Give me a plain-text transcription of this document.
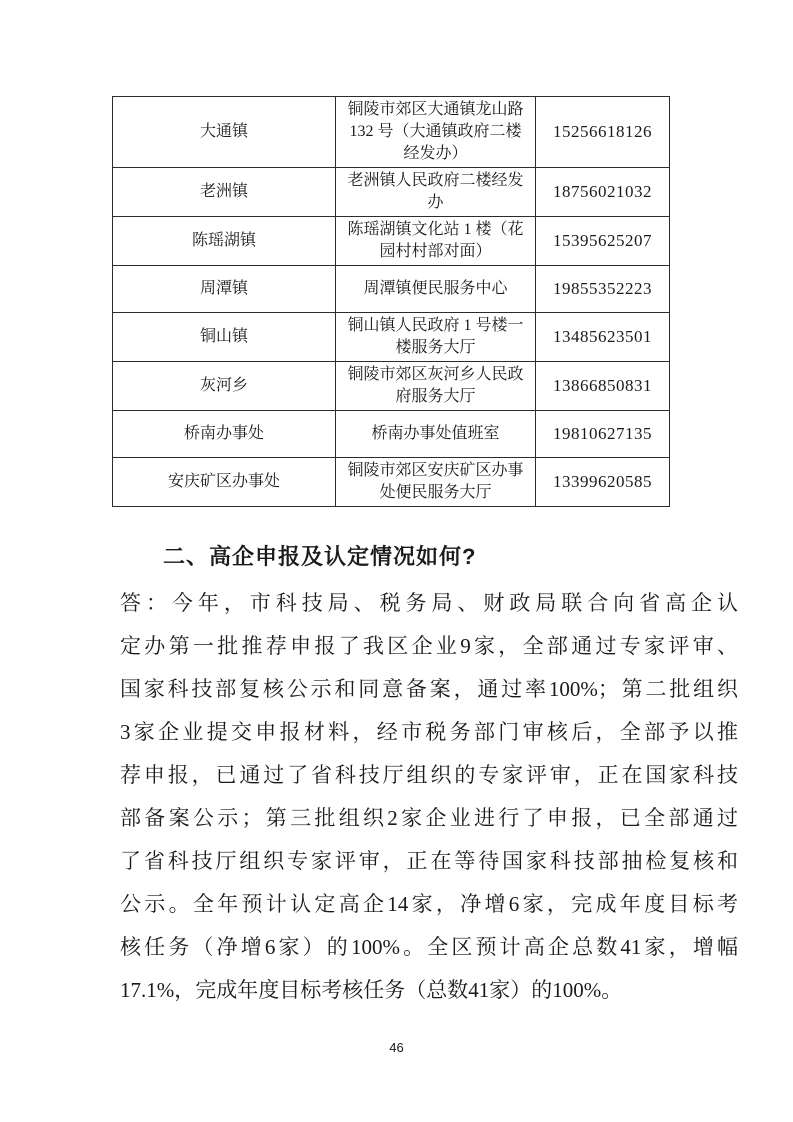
大通镇	铜陵市郊区大通镇龙山路132 号（大通镇政府二楼经发办）	15256618126
老洲镇	老洲镇人民政府二楼经发办	18756021032
陈瑶湖镇	陈瑶湖镇文化站 1 楼（花园村村部对面）	15395625207
周潭镇	周潭镇便民服务中心	19855352223
铜山镇	铜山镇人民政府 1 号楼一楼服务大厅	13485623501
灰河乡	铜陵市郊区灰河乡人民政府服务大厅	13866850831
桥南办事处	桥南办事处值班室	19810627135
安庆矿区办事处	铜陵市郊区安庆矿区办事处便民服务大厅	13399620585
二、高企申报及认定情况如何?
答：今年，市科技局、税务局、财政局联合向省高企认
定办第一批推荐申报了我区企业9家，全部通过专家评审、
国家科技部复核公示和同意备案，通过率100%；第二批组织
3家企业提交申报材料，经市税务部门审核后，全部予以推
荐申报，已通过了省科技厅组织的专家评审，正在国家科技
部备案公示；第三批组织2家企业进行了申报，已全部通过
了省科技厅组织专家评审，正在等待国家科技部抽检复核和
公示。全年预计认定高企14家，净增6家，完成年度目标考
核任务（净增6家）的100%。全区预计高企总数41家，增幅
17.1%，完成年度目标考核任务（总数41家）的100%。
46
